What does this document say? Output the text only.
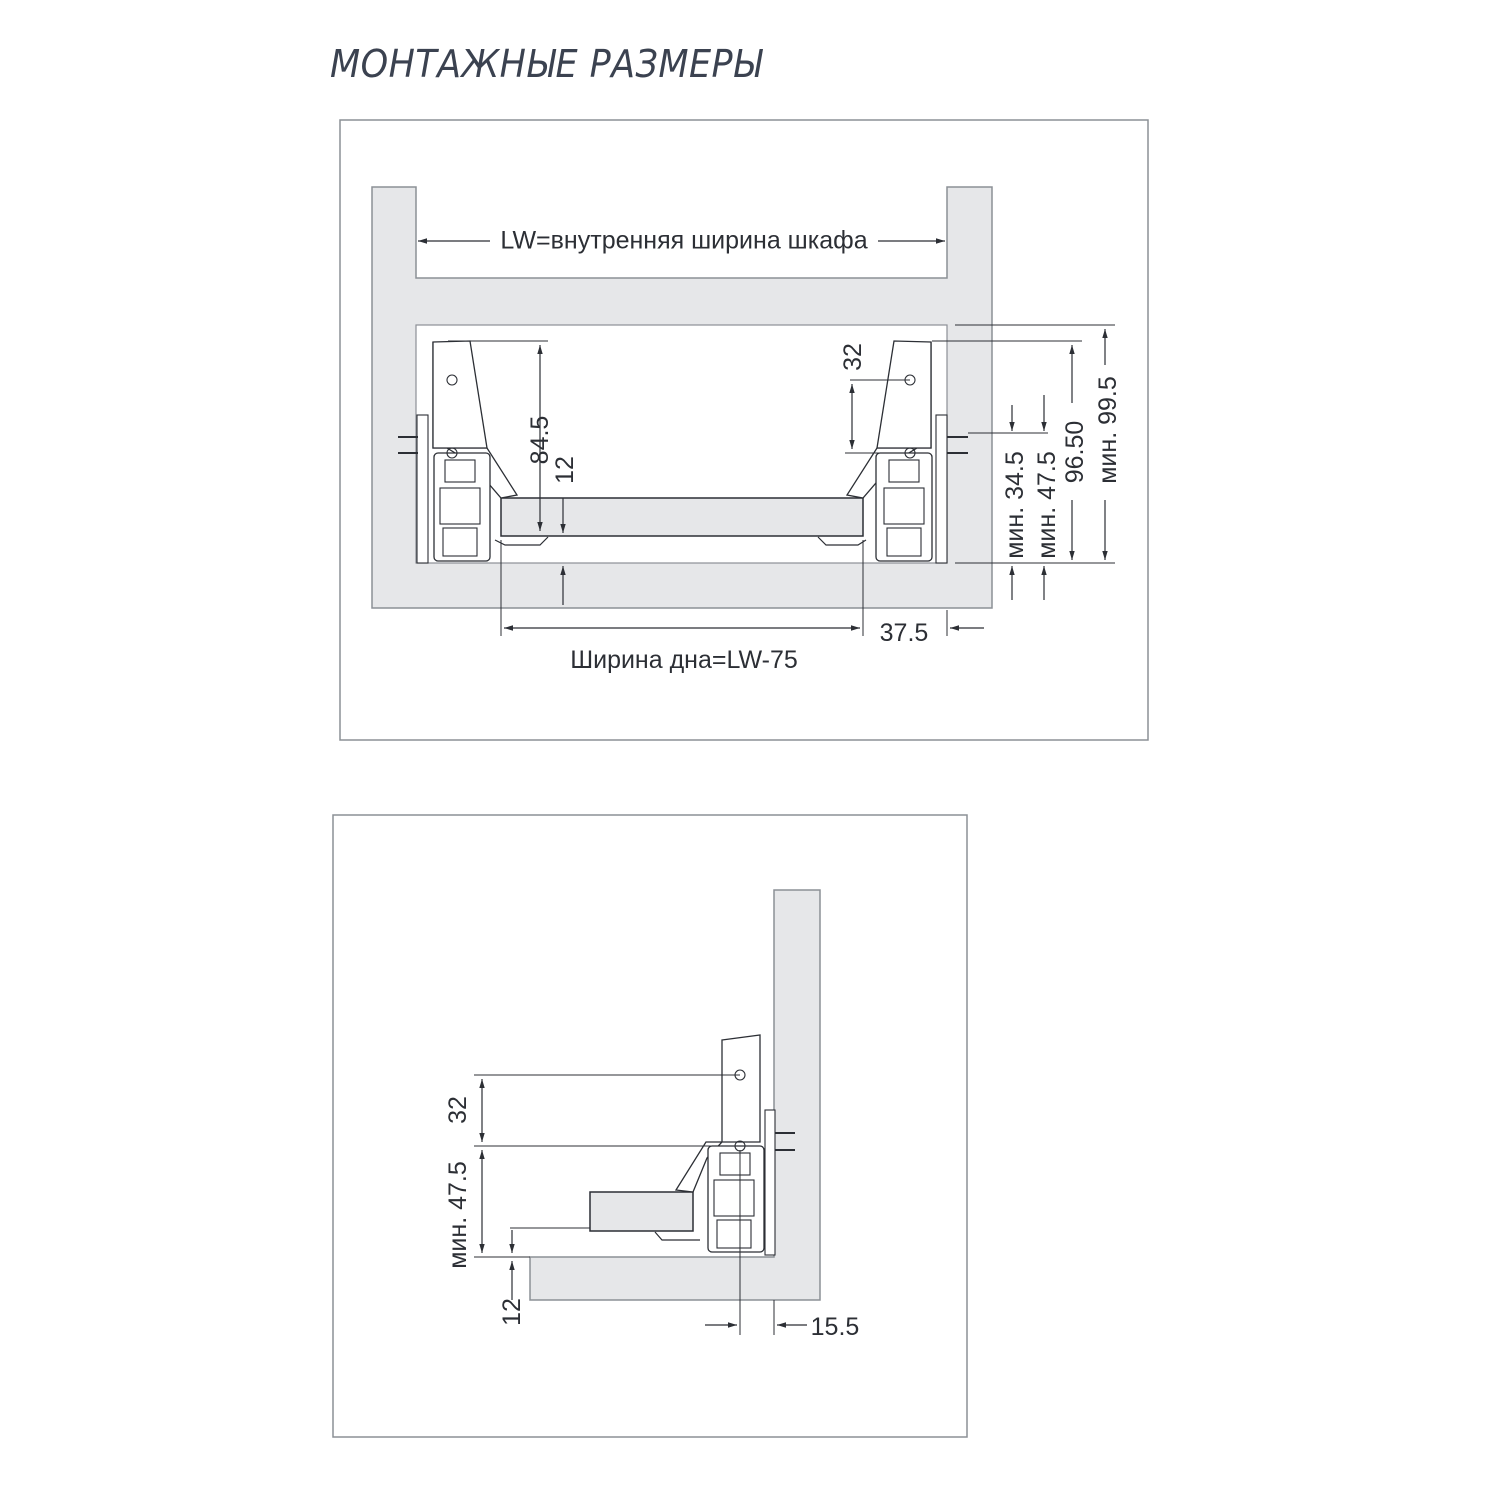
МОНТАЖНЫЕ РАЗМЕРЫ
LW=внутренняя ширина шкафа
84.5
12
32
мин. 34.5 мин. 47.5 96.50 мин. 99.5
37.5
Ширина дна=LW-75
32
мин. 47.5
12
15.5
